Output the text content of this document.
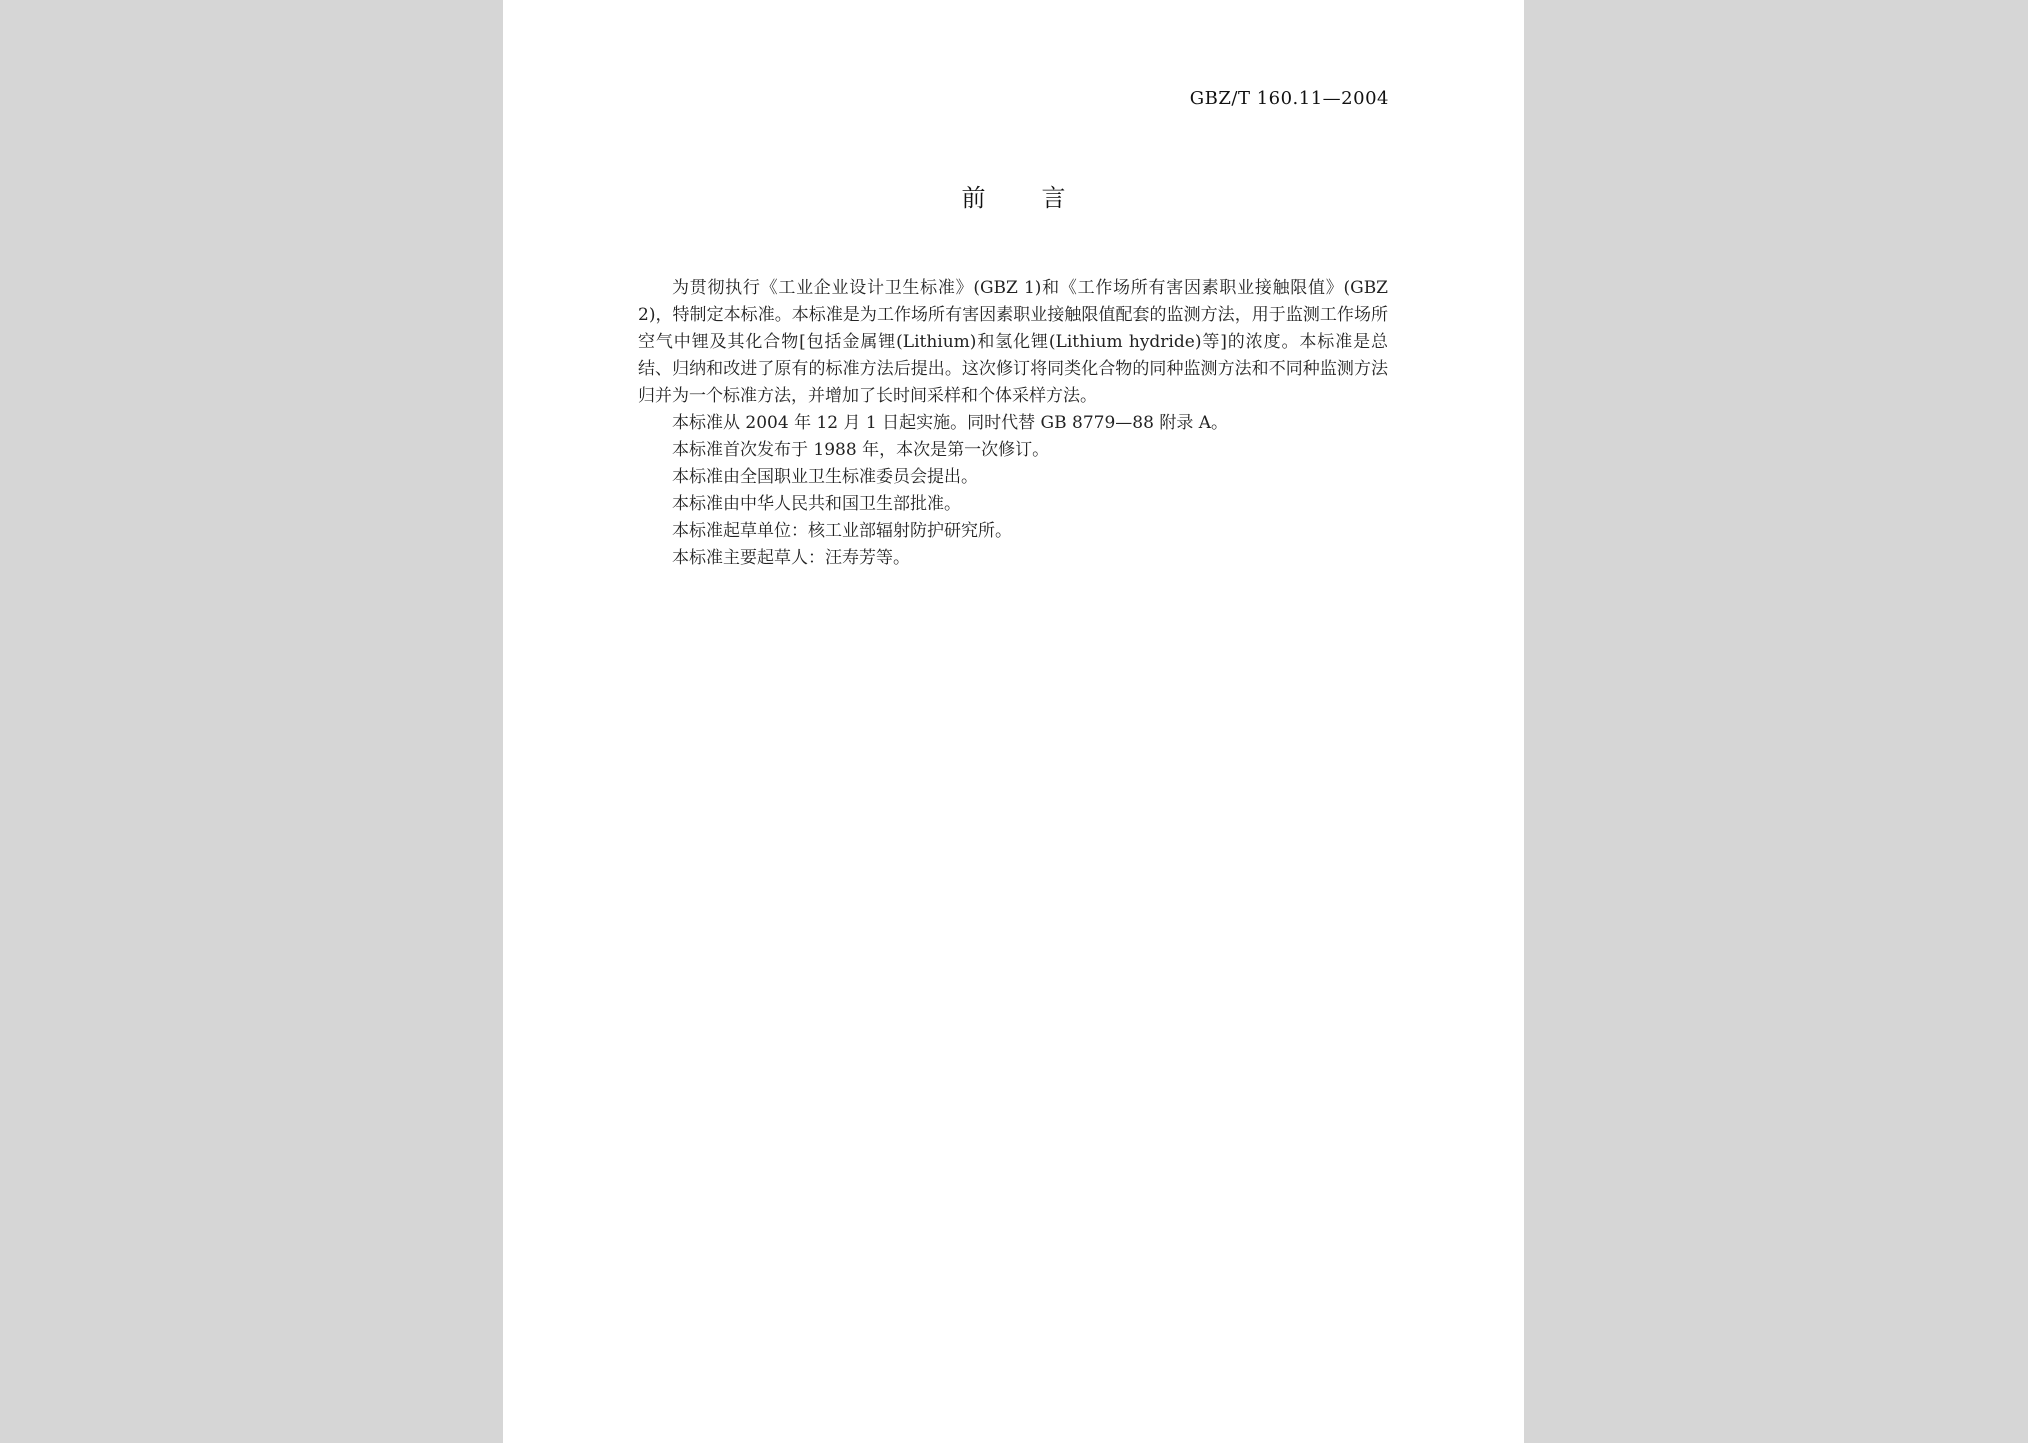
GBZ/T 160.11—2004
前 言

为贯彻执行《工业企业设计卫生标准》(GBZ 1)和《工作场所有害因素职业接触限值》(GBZ 2)，特制定本标准。本标准是为工作场所有害因素职业接触限值配套的监测方法，用于监测工作场所空气中锂及其化合物[包括金属锂(Lithium)和氢化锂(Lithium hydride)等]的浓度。本标准是总结、归纳和改进了原有的标准方法后提出。这次修订将同类化合物的同种监测方法和不同种监测方法归并为一个标准方法，并增加了长时间采样和个体采样方法。

本标准从 2004 年 12 月 1 日起实施。同时代替 GB 8779—88 附录 A。

本标准首次发布于 1988 年，本次是第一次修订。

本标准由全国职业卫生标准委员会提出。

本标准由中华人民共和国卫生部批准。

本标准起草单位：核工业部辐射防护研究所。

本标准主要起草人：汪寿芳等。
